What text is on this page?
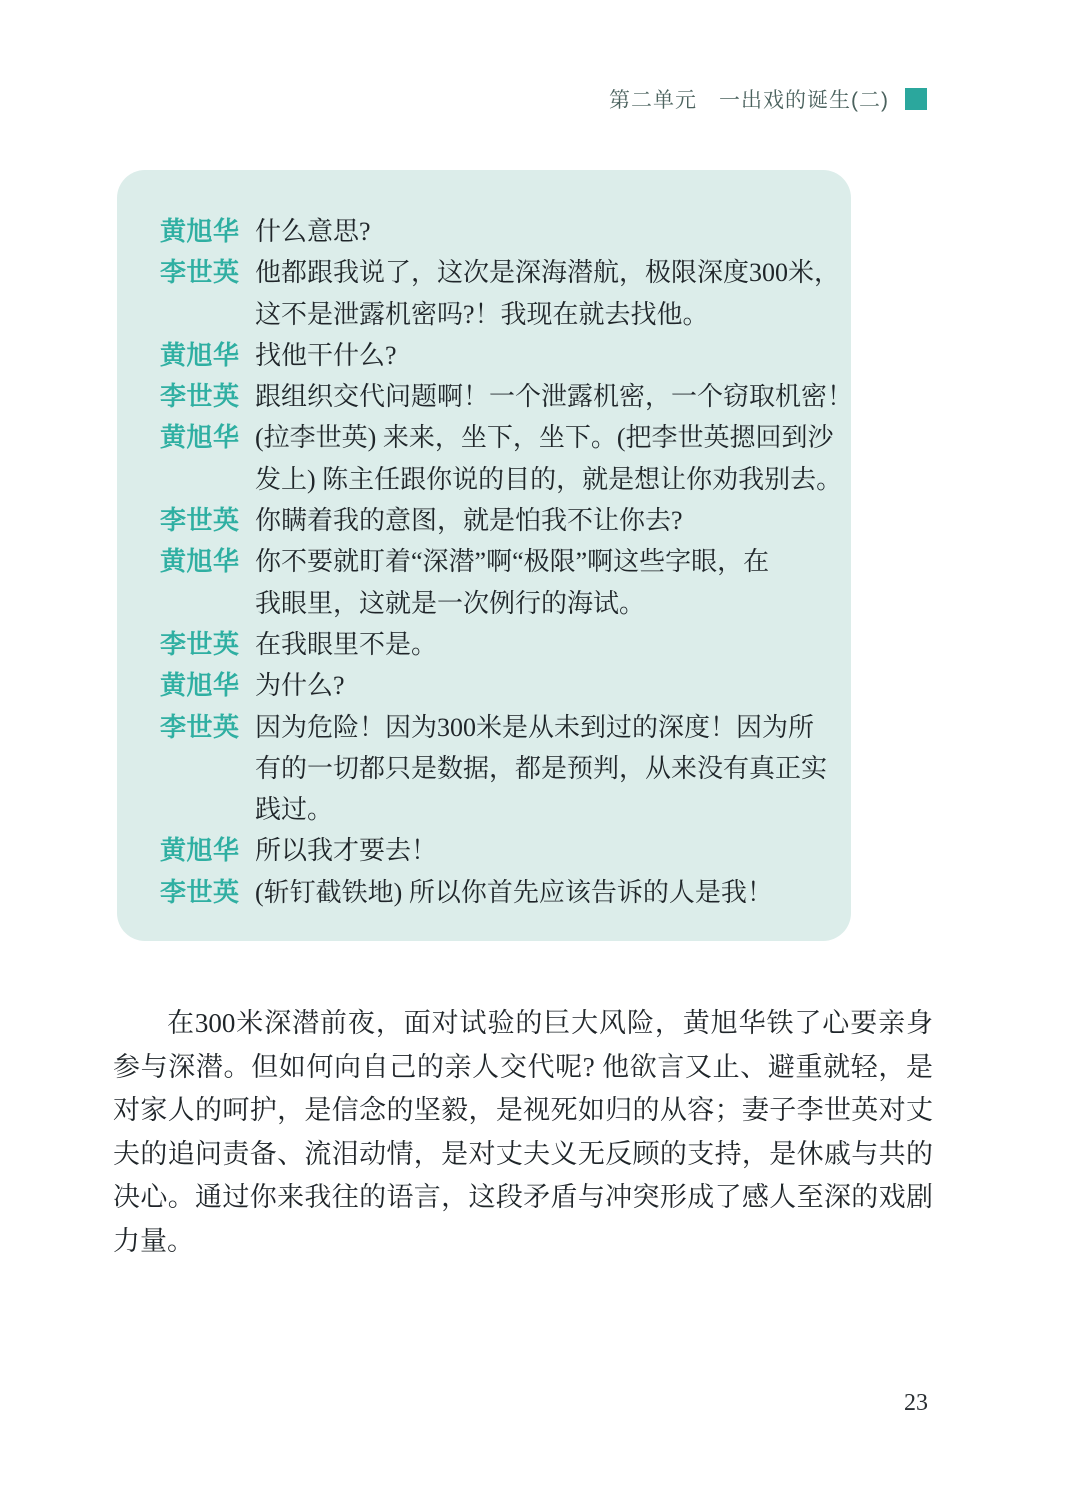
第二单元 一出戏的诞生(二)
黄旭华 什么意思?
李世英 他都跟我说了，这次是深海潜航，极限深度300米，
这不是泄露机密吗?！我现在就去找他。
黄旭华 找他干什么?
李世英 跟组织交代问题啊！一个泄露机密，一个窃取机密！
黄旭华 (拉李世英) 来来，坐下，坐下。(把李世英摁回到沙
发上) 陈主任跟你说的目的，就是想让你劝我别去。
李世英 你瞒着我的意图，就是怕我不让你去?
黄旭华 你不要就盯着“深潜”啊“极限”啊这些字眼，在
我眼里，这就是一次例行的海试。
李世英 在我眼里不是。
黄旭华 为什么?
李世英 因为危险！因为300米是从未到过的深度！因为所
有的一切都只是数据，都是预判，从来没有真正实
践过。
黄旭华 所以我才要去！
李世英 (斩钉截铁地) 所以你首先应该告诉的人是我！

在300米深潜前夜，面对试验的巨大风险，黄旭华铁了心要亲身参与深潜。但如何向自己的亲人交代呢? 他欲言又止、避重就轻，是对家人的呵护，是信念的坚毅，是视死如归的从容；妻子李世英对丈夫的追问责备、流泪动情，是对丈夫义无反顾的支持，是休戚与共的决心。通过你来我往的语言，这段矛盾与冲突形成了感人至深的戏剧力量。

23
